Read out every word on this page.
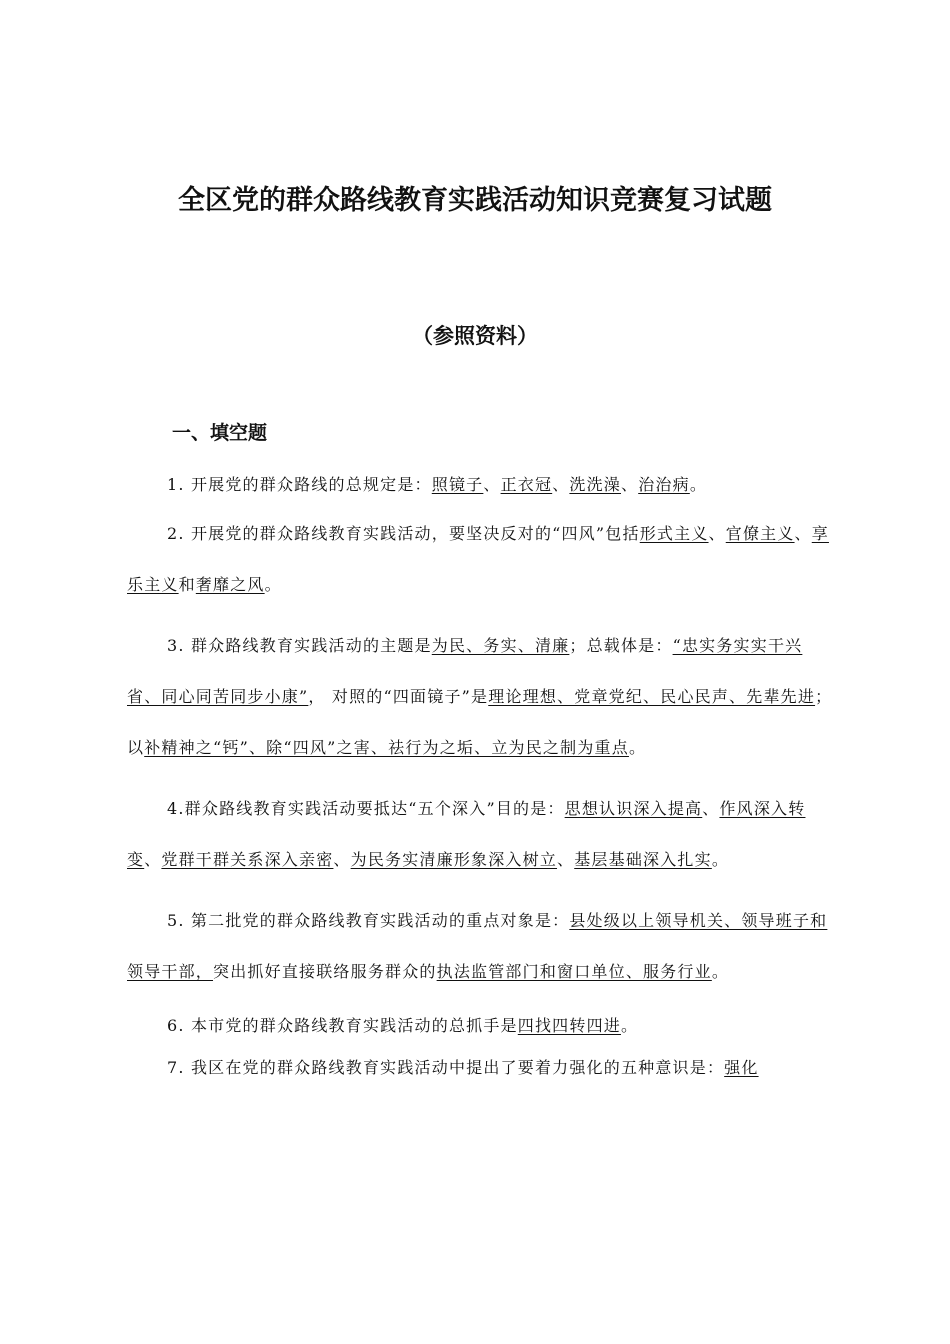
全区党的群众路线教育实践活动知识竞赛复习试题
（参照资料）
一、填空题

1. 开展党的群众路线的总规定是：照镜子、正衣冠、洗洗澡、治治病。

2. 开展党的群众路线教育实践活动，要坚决反对的“四风”包括形式主义、官僚主义、享乐主义和奢靡之风。

3. 群众路线教育实践活动的主题是为民、务实、清廉；总载体是：“忠实务实实干兴省、同心同苦同步小康”， 对照的“四面镜子”是理论理想、党章党纪、民心民声、先辈先进；以补精神之“钙”、除“四风”之害、祛行为之垢、立为民之制为重点。

4.群众路线教育实践活动要抵达“五个深入”目的是：思想认识深入提高、作风深入转变、党群干群关系深入亲密、为民务实清廉形象深入树立、基层基础深入扎实。

5. 第二批党的群众路线教育实践活动的重点对象是：县处级以上领导机关、领导班子和领导干部，突出抓好直接联络服务群众的执法监管部门和窗口单位、服务行业。

6. 本市党的群众路线教育实践活动的总抓手是四找四转四进。

7. 我区在党的群众路线教育实践活动中提出了要着力强化的五种意识是：强化
